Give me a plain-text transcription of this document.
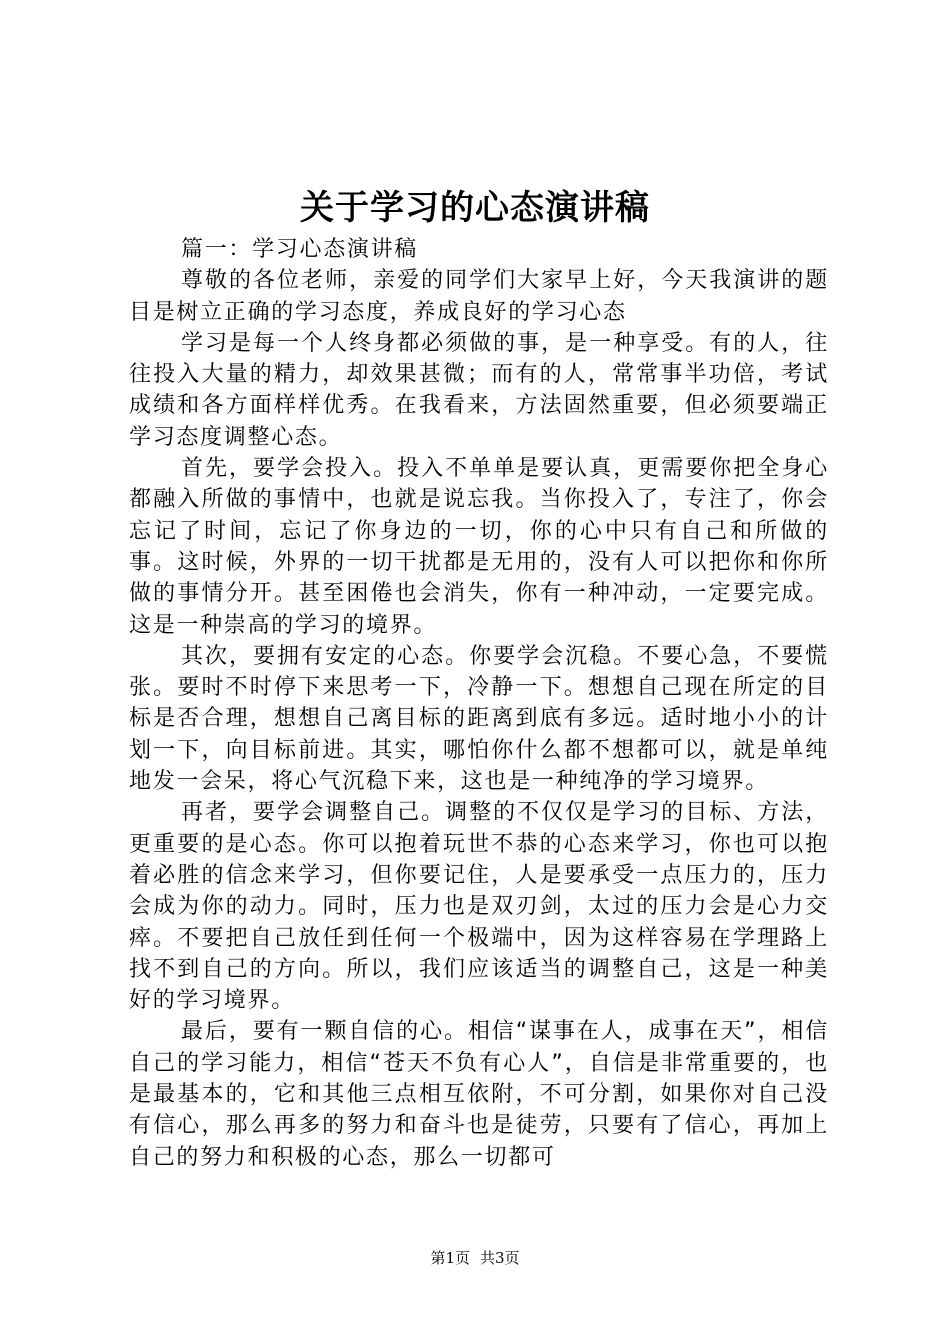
关于学习的心态演讲稿

篇一：学习心态演讲稿

尊敬的各位老师，亲爱的同学们大家早上好，今天我演讲的题目是树立正确的学习态度，养成良好的学习心态

学习是每一个人终身都必须做的事，是一种享受。有的人，往往投入大量的精力，却效果甚微；而有的人，常常事半功倍，考试成绩和各方面样样优秀。在我看来，方法固然重要，但必须要端正学习态度调整心态。

首先，要学会投入。投入不单单是要认真，更需要你把全身心都融入所做的事情中，也就是说忘我。当你投入了，专注了，你会忘记了时间，忘记了你身边的一切，你的心中只有自己和所做的事。这时候，外界的一切干扰都是无用的，没有人可以把你和你所做的事情分开。甚至困倦也会消失，你有一种冲动，一定要完成。这是一种崇高的学习的境界。

其次，要拥有安定的心态。你要学会沉稳。不要心急，不要慌张。要时不时停下来思考一下，冷静一下。想想自己现在所定的目标是否合理，想想自己离目标的距离到底有多远。适时地小小的计划一下，向目标前进。其实，哪怕你什么都不想都可以，就是单纯地发一会呆，将心气沉稳下来，这也是一种纯净的学习境界。

再者，要学会调整自己。调整的不仅仅是学习的目标、方法，更重要的是心态。你可以抱着玩世不恭的心态来学习，你也可以抱着必胜的信念来学习，但你要记住，人是要承受一点压力的，压力会成为你的动力。同时，压力也是双刃剑，太过的压力会是心力交瘁。不要把自己放任到任何一个极端中，因为这样容易在学理路上找不到自己的方向。所以，我们应该适当的调整自己，这是一种美好的学习境界。

最后，要有一颗自信的心。相信“谋事在人，成事在天”，相信自己的学习能力，相信“苍天不负有心人”，自信是非常重要的，也是最基本的，它和其他三点相互依附，不可分割，如果你对自己没有信心，那么再多的努力和奋斗也是徒劳，只要有了信心，再加上自己的努力和积极的心态，那么一切都可

第1页 共3页
